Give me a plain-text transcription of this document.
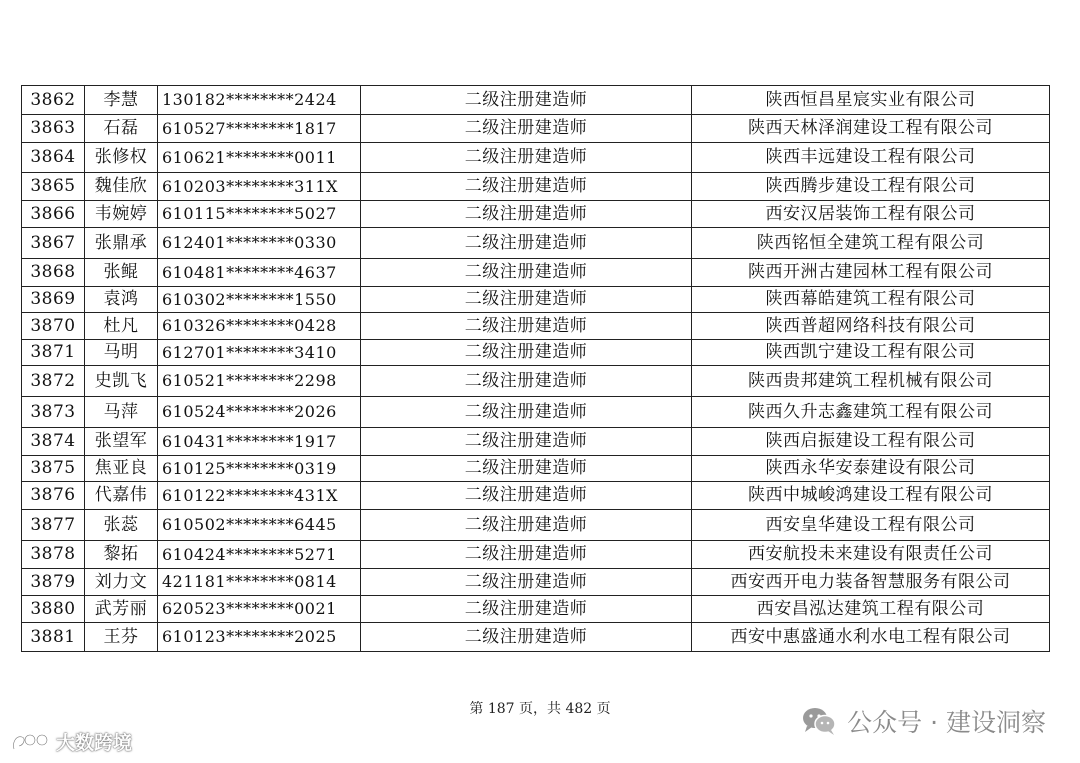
3862	李慧	130182********2424	二级注册建造师	陕西恒昌星宸实业有限公司
3863	石磊	610527********1817	二级注册建造师	陕西天林泽润建设工程有限公司
3864	张修权	610621********0011	二级注册建造师	陕西丰远建设工程有限公司
3865	魏佳欣	610203********311X	二级注册建造师	陕西腾步建设工程有限公司
3866	韦婉婷	610115********5027	二级注册建造师	西安汉居装饰工程有限公司
3867	张鼎承	612401********0330	二级注册建造师	陕西铭恒全建筑工程有限公司
3868	张鲲	610481********4637	二级注册建造师	陕西开洲古建园林工程有限公司
3869	袁鸿	610302********1550	二级注册建造师	陕西幕皓建筑工程有限公司
3870	杜凡	610326********0428	二级注册建造师	陕西普超网络科技有限公司
3871	马明	612701********3410	二级注册建造师	陕西凯宁建设工程有限公司
3872	史凯飞	610521********2298	二级注册建造师	陕西贵邦建筑工程机械有限公司
3873	马萍	610524********2026	二级注册建造师	陕西久升志鑫建筑工程有限公司
3874	张望军	610431********1917	二级注册建造师	陕西启振建设工程有限公司
3875	焦亚良	610125********0319	二级注册建造师	陕西永华安泰建设有限公司
3876	代嘉伟	610122********431X	二级注册建造师	陕西中城峻鸿建设工程有限公司
3877	张蕊	610502********6445	二级注册建造师	西安皇华建设工程有限公司
3878	黎拓	610424********5271	二级注册建造师	西安航投未来建设有限责任公司
3879	刘力文	421181********0814	二级注册建造师	西安西开电力装备智慧服务有限公司
3880	武芳丽	620523********0021	二级注册建造师	西安昌泓达建筑工程有限公司
3881	王芬	610123********2025	二级注册建造师	西安中惠盛通水利水电工程有限公司
第 187 页，共 482 页
大数跨境
公众号 · 建设洞察
